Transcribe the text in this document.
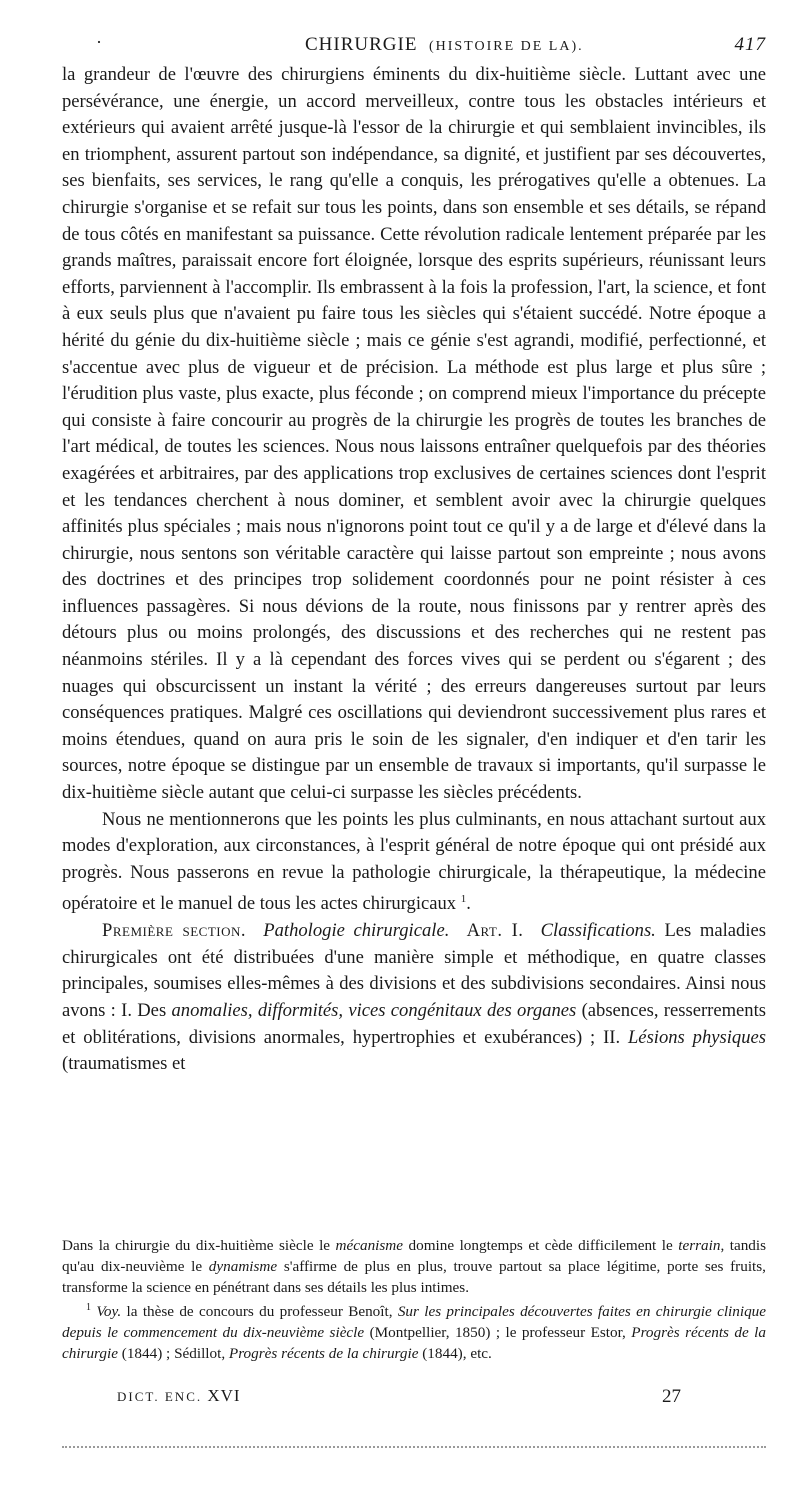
·	CHIRURGIE (HISTOIRE DE LA).	417

la grandeur de l'œuvre des chirurgiens éminents du dix-huitième siècle. Luttant avec une persévérance, une énergie, un accord merveilleux, contre tous les obstacles intérieurs et extérieurs qui avaient arrêté jusque-là l'essor de la chirurgie et qui semblaient invincibles, ils en triomphent, assurent partout son indépendance, sa dignité, et justifient par ses découvertes, ses bienfaits, ses services, le rang qu'elle a conquis, les prérogatives qu'elle a obtenues. La chirurgie s'organise et se refait sur tous les points, dans son ensemble et ses détails, se répand de tous côtés en manifestant sa puissance. Cette révolution radicale lentement préparée par les grands maîtres, paraissait encore fort éloignée, lorsque des esprits supérieurs, réunissant leurs efforts, parviennent à l'accomplir. Ils embrassent à la fois la profession, l'art, la science, et font à eux seuls plus que n'avaient pu faire tous les siècles qui s'étaient succédé. Notre époque a hérité du génie du dix-huitième siècle ; mais ce génie s'est agrandi, modifié, perfectionné, et s'accentue avec plus de vigueur et de précision. La méthode est plus large et plus sûre ; l'érudition plus vaste, plus exacte, plus féconde ; on comprend mieux l'importance du précepte qui consiste à faire concourir au progrès de la chirurgie les progrès de toutes les branches de l'art médical, de toutes les sciences. Nous nous laissons entraîner quelquefois par des théories exagérées et arbitraires, par des applications trop exclusives de certaines sciences dont l'esprit et les tendances cherchent à nous dominer, et semblent avoir avec la chirurgie quelques affinités plus spéciales ; mais nous n'ignorons point tout ce qu'il y a de large et d'élevé dans la chirurgie, nous sentons son véritable caractère qui laisse partout son empreinte ; nous avons des doctrines et des principes trop solidement coordonnés pour ne point résister à ces influences passagères. Si nous dévions de la route, nous finissons par y rentrer après des détours plus ou moins prolongés, des discussions et des recherches qui ne restent pas néanmoins stériles. Il y a là cependant des forces vives qui se perdent ou s'égarent ; des nuages qui obscurcissent un instant la vérité ; des erreurs dangereuses surtout par leurs conséquences pratiques. Malgré ces oscillations qui deviendront successivement plus rares et moins étendues, quand on aura pris le soin de les signaler, d'en indiquer et d'en tarir les sources, notre époque se distingue par un ensemble de travaux si importants, qu'il surpasse le dix-huitième siècle autant que celui-ci surpasse les siècles précédents.

Nous ne mentionnerons que les points les plus culminants, en nous attachant surtout aux modes d'exploration, aux circonstances, à l'esprit général de notre époque qui ont présidé aux progrès. Nous passerons en revue la pathologie chirurgicale, la thérapeutique, la médecine opératoire et le manuel de tous les actes chirurgicaux $^1$.

Première section. Pathologie chirurgicale. Art. I. Classifications. Les maladies chirurgicales ont été distribuées d'une manière simple et méthodique, en quatre classes principales, soumises elles-mêmes à des divisions et des subdivisions secondaires. Ainsi nous avons : I. Des anomalies, difformités, vices congénitaux des organes (absences, resserrements et oblitérations, divisions anormales, hypertrophies et exubérances) ; II. Lésions physiques (traumatismes et

Dans la chirurgie du dix-huitième siècle le mécanisme domine longtemps et cède difficilement le terrain, tandis qu'au dix-neuvième le dynamisme s'affirme de plus en plus, trouve partout sa place légitime, porte ses fruits, transforme la science en pénétrant dans ses détails les plus intimes.

$^1$ Voy. la thèse de concours du professeur Benoît, Sur les principales découvertes faites en chirurgie clinique depuis le commencement du dix-neuvième siècle (Montpellier, 1850) ; le professeur Estor, Progrès récents de la chirurgie (1844) ; Sédillot, Progrès récents de la chirurgie (1844), etc.

DICT. ENC. XVI	27
